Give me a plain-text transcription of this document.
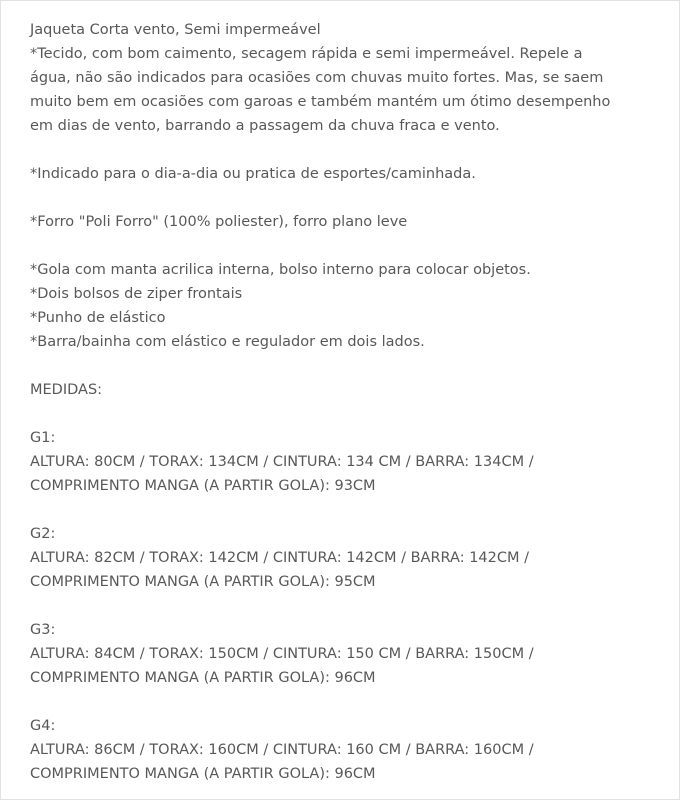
Jaqueta Corta vento, Semi impermeável
*Tecido, com bom caimento, secagem rápida e semi impermeável. Repele a
água, não são indicados para ocasiões com chuvas muito fortes. Mas, se saem
muito bem em ocasiões com garoas e também mantém um ótimo desempenho
em dias de vento, barrando a passagem da chuva fraca e vento.
*Indicado para o dia-a-dia ou pratica de esportes/caminhada.
*Forro "Poli Forro" (100% poliester), forro plano leve
*Gola com manta acrilica interna, bolso interno para colocar objetos.
*Dois bolsos de ziper frontais
*Punho de elástico
*Barra/bainha com elástico e regulador em dois lados.
MEDIDAS:
G1:
ALTURA: 80CM / TORAX: 134CM / CINTURA: 134 CM / BARRA: 134CM /
COMPRIMENTO MANGA (A PARTIR GOLA): 93CM
G2:
ALTURA: 82CM / TORAX: 142CM / CINTURA: 142CM / BARRA: 142CM /
COMPRIMENTO MANGA (A PARTIR GOLA): 95CM
G3:
ALTURA: 84CM / TORAX: 150CM / CINTURA: 150 CM / BARRA: 150CM /
COMPRIMENTO MANGA (A PARTIR GOLA): 96CM
G4:
ALTURA: 86CM / TORAX: 160CM / CINTURA: 160 CM / BARRA: 160CM /
COMPRIMENTO MANGA (A PARTIR GOLA): 96CM
